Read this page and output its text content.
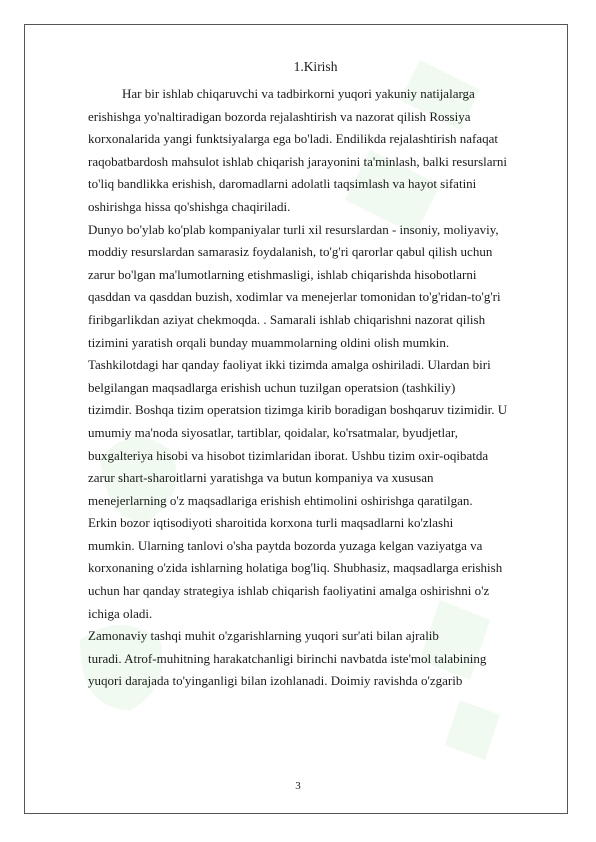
1.Kirish
Har bir ishlab chiqaruvchi va tadbirkorni yuqori yakuniy natijalarga
erishishga yo'naltiradigan bozorda rejalashtirish va nazorat qilish Rossiya
korxonalarida yangi funktsiyalarga ega bo'ladi. Endilikda rejalashtirish nafaqat
raqobatbardosh mahsulot ishlab chiqarish jarayonini ta'minlash, balki resurslarni
to'liq bandlikka erishish, daromadlarni adolatli taqsimlash va hayot sifatini
oshirishga hissa qo'shishga chaqiriladi.
Dunyo bo'ylab ko'plab kompaniyalar turli xil resurslardan - insoniy, moliyaviy,
moddiy resurslardan samarasiz foydalanish, to'g'ri qarorlar qabul qilish uchun
zarur bo'lgan ma'lumotlarning etishmasligi, ishlab chiqarishda hisobotlarni
qasddan va qasddan buzish, xodimlar va menejerlar tomonidan to'g'ridan-to'g'ri
firibgarlikdan aziyat chekmoqda. . Samarali ishlab chiqarishni nazorat qilish
tizimini yaratish orqali bunday muammolarning oldini olish mumkin.
Tashkilotdagi har qanday faoliyat ikki tizimda amalga oshiriladi. Ulardan biri
belgilangan maqsadlarga erishish uchun tuzilgan operatsion (tashkiliy)
tizimdir. Boshqa tizim operatsion tizimga kirib boradigan boshqaruv tizimidir. U
umumiy ma'noda siyosatlar, tartiblar, qoidalar, ko'rsatmalar, byudjetlar,
buxgalteriya hisobi va hisobot tizimlaridan iborat. Ushbu tizim oxir-oqibatda
zarur shart-sharoitlarni yaratishga va butun kompaniya va xususan
menejerlarning o'z maqsadlariga erishish ehtimolini oshirishga qaratilgan.
Erkin bozor iqtisodiyoti sharoitida korxona turli maqsadlarni ko'zlashi
mumkin. Ularning tanlovi o'sha paytda bozorda yuzaga kelgan vaziyatga va
korxonaning o'zida ishlarning holatiga bog'liq. Shubhasiz, maqsadlarga erishish
uchun har qanday strategiya ishlab chiqarish faoliyatini amalga oshirishni o'z
ichiga oladi.
Zamonaviy tashqi muhit o'zgarishlarning yuqori sur'ati bilan ajralib
turadi. Atrof-muhitning harakatchanligi birinchi navbatda iste'mol talabining
yuqori darajada to'yinganligi bilan izohlanadi. Doimiy ravishda o'zgarib
3
